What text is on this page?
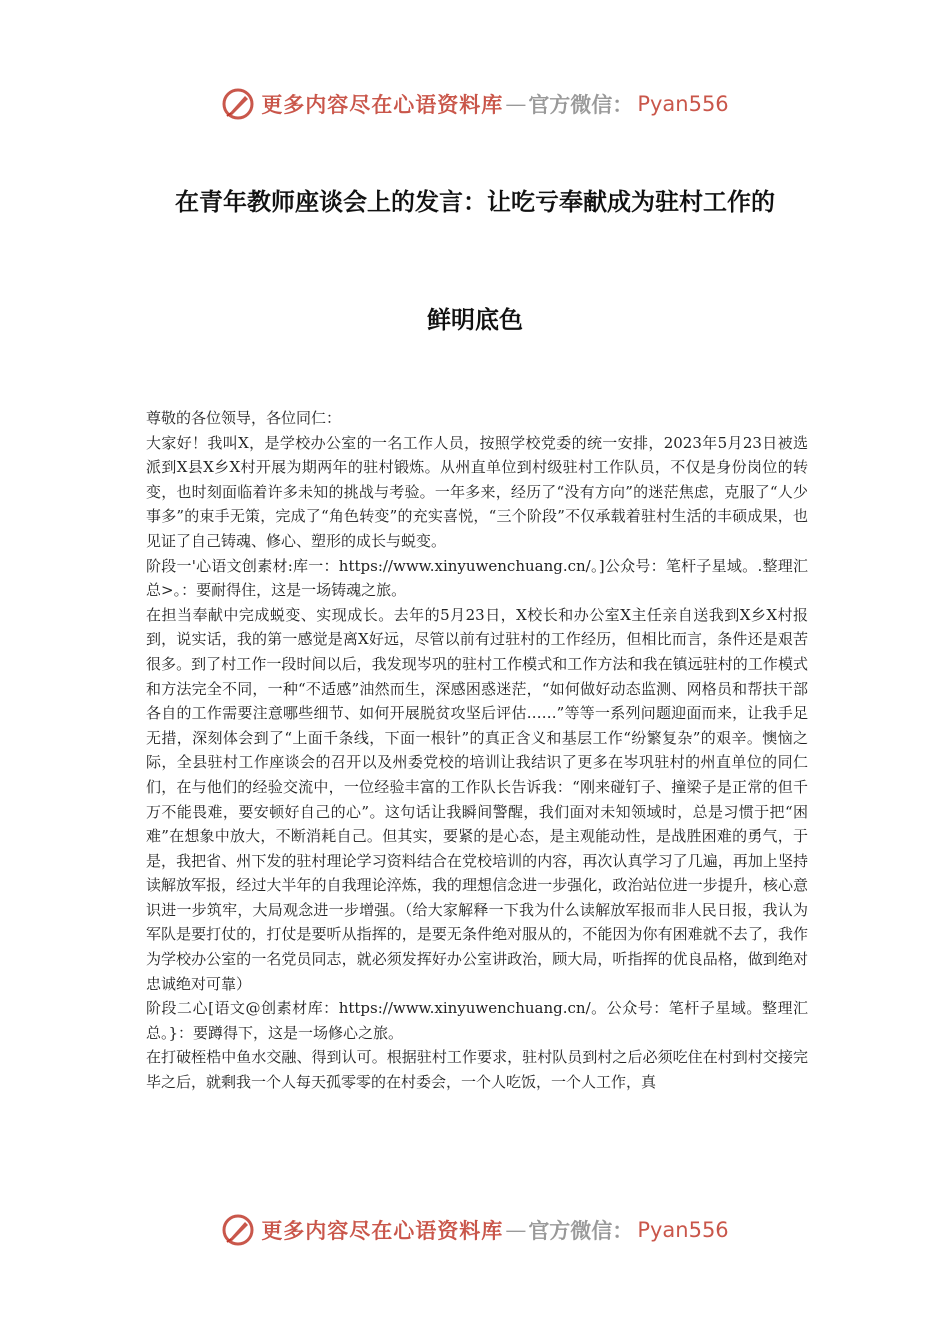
更多内容尽在心语资料库 — 官方微信： Pyan556
在青年教师座谈会上的发言：让吃亏奉献成为驻村工作的
鲜明底色

尊敬的各位领导，各位同仁：

大家好！我叫X，是学校办公室的一名工作人员，按照学校党委的统一安排，2023年5月23日被选派到X县X乡X村开展为期两年的驻村锻炼。从州直单位到村级驻村工作队员，不仅是身份岗位的转变，也时刻面临着许多未知的挑战与考验。一年多来，经历了“没有方向”的迷茫焦虑，克服了“人少事多”的束手无策，完成了“角色转变”的充实喜悦，“三个阶段”不仅承载着驻村生活的丰硕成果，也见证了自己铸魂、修心、塑形的成长与蜕变。

阶段一'心语文创素材:库一：https://www.xinyuwenchuang.cn/。]公众号：笔杆子星域。.整理汇总>。：要耐得住，这是一场铸魂之旅。

在担当奉献中完成蜕变、实现成长。去年的5月23日，X校长和办公室X主任亲自送我到X乡X村报到，说实话，我的第一感觉是离X好远，尽管以前有过驻村的工作经历，但相比而言，条件还是艰苦很多。到了村工作一段时间以后，我发现岑巩的驻村工作模式和工作方法和我在镇远驻村的工作模式和方法完全不同，一种“不适感”油然而生，深感困惑迷茫，“如何做好动态监测、网格员和帮扶干部各自的工作需要注意哪些细节、如何开展脱贫攻坚后评估……”等等一系列问题迎面而来，让我手足无措，深刻体会到了“上面千条线，下面一根针”的真正含义和基层工作“纷繁复杂”的艰辛。懊恼之际，全县驻村工作座谈会的召开以及州委党校的培训让我结识了更多在岑巩驻村的州直单位的同仁们，在与他们的经验交流中，一位经验丰富的工作队长告诉我：“刚来碰钉子、撞梁子是正常的但千万不能畏难，要安顿好自己的心”。这句话让我瞬间警醒，我们面对未知领域时，总是习惯于把“困难”在想象中放大，不断消耗自己。但其实，要紧的是心态，是主观能动性，是战胜困难的勇气，于是，我把省、州下发的驻村理论学习资料结合在党校培训的内容，再次认真学习了几遍，再加上坚持读解放军报，经过大半年的自我理论淬炼，我的理想信念进一步强化，政治站位进一步提升，核心意识进一步筑牢，大局观念进一步增强。（给大家解释一下我为什么读解放军报而非人民日报，我认为军队是要打仗的，打仗是要听从指挥的，是要无条件绝对服从的，不能因为你有困难就不去了，我作为学校办公室的一名党员同志，就必须发挥好办公室讲政治，顾大局，听指挥的优良品格，做到绝对忠诚绝对可靠）

阶段二心[语文@创素材库：https://www.xinyuwenchuang.cn/。公众号：笔杆子星域。整理汇总。}：要蹲得下，这是一场修心之旅。

在打破桎梏中鱼水交融、得到认可。根据驻村工作要求，驻村队员到村之后必须吃住在村到村交接完毕之后，就剩我一个人每天孤零零的在村委会，一个人吃饭，一个人工作，真

更多内容尽在心语资料库 — 官方微信： Pyan556
